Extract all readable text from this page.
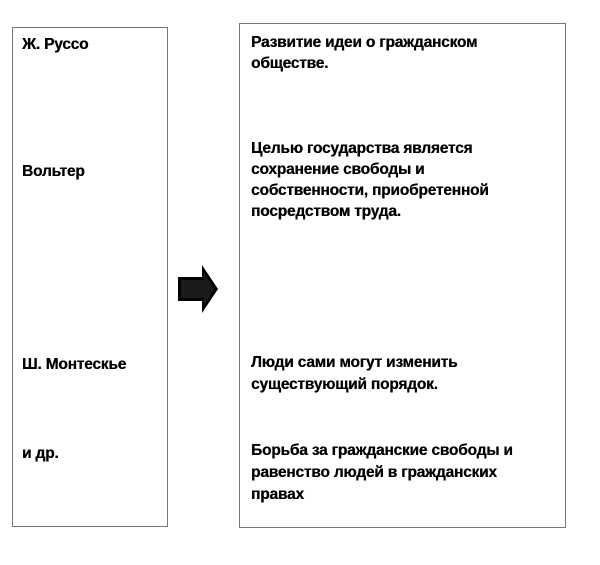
Ж. Руссо
Вольтер
Ш. Монтескье
и др.
Развитие идеи о гражданском
обществе.
Целью государства является
сохранение свободы и
собственности, приобретенной
посредством труда.
Люди сами могут изменить
существующий порядок.
Борьба за гражданские свободы и
равенство людей в гражданских
правах
